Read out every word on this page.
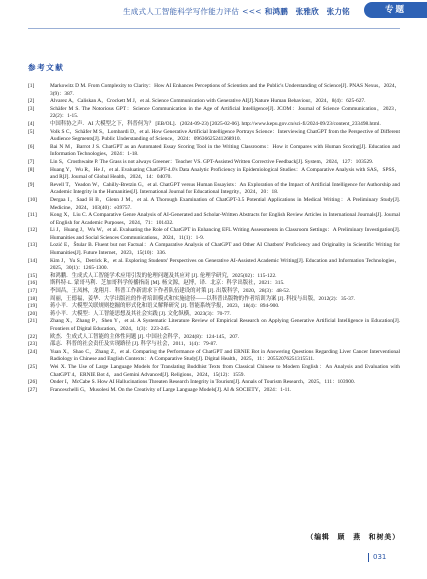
生成式人工智能科学写作能力评估 <<< 和鸿鹏　张雅欣　张力铭	专题
参考文献
[1]	Markowitz D M. From Complexity to Clarity：How AI Enhances Perceptions of Scientists and the Public's Understanding of Science[J]. PNAS Nexus，2024，3(9)：387.
[2]	Alvarez A，Caliskan A，Crockett M J，et al. Science Communication with Generative AI[J].Nature Human Behaviour，2024，8(4)：625-627.
[3]	Schäfer M S. The Notorious GPT：Science Communication in the Age of Artificial Intelligence[J]. JCOM：Journal of Science Communication，2023，22(2)：1-15.
[4]	中国科协之声．AI 大模型之下，科普何为？ [EB/OL]．(2024-09-23) [2025-02-06]. http://www.kepu.gov.cn/sci-fi/2024-09/23/content_233498.html.
[5]	Volk S C，Schäfer M S，Lombardi D，et al. How Generative Artificial Intelligence Portrays Science：Interviewing ChatGPT from the Perspective of Different Audience Segments[J]. Public Understanding of Science，2024：09636625241268910.
[6]	Bai N M，Barrot J S. ChatGPT as an Automated Essay Scoring Tool in the Writing Classrooms：How it Compares with Human Scoring[J]. Education and Information Technologies，2024：1-18.
[7]	Lin S，Crosthwaite P. The Grass is not always Greener：Teacher VS. GPT-Assisted Written Corrective Feedback[J]. System，2024，127：103529.
[8]	Huang Y，Wu R，He J，et al. Evaluating ChatGPT-4.0's Data Analytic Proficiency in Epidemiological Studies：A Comparative Analysis with SAS，SPSS，and R[J]. Journal of Global Health，2024，14：04070.
[9]	Revell T，Yeadon W，Cahilly-Bretzin G，et al. ChatGPT versus Human Essayists：An Exploration of the Impact of Artificial Intelligence for Authorship and Academic Integrity in the Humanities[J]. International Journal for Educational Integrity，2024，20：18.
[10]	Dergaa I，Saad H B，Glenn J M，et al. A Thorough Examination of ChatGPT-3.5 Potential Applications in Medical Writing：A Preliminary Study[J]. Medicine，2024，103(40)：e39757.
[11]	Kong X，Liu C. A Comparative Genre Analysis of AI-Generated and Scholar-Written Abstracts for English Review Articles in International Journals[J]. Journal of English for Academic Purposes，2024，71：101432.
[12]	Li J，Huang J，Wu W，et al. Evaluating the Role of ChatGPT in Enhancing EFL Writing Assessments in Classroom Settings：A Preliminary Investigation[J]. Humanities and Social Sciences Communications，2024，11(1)：1-9.
[13]	Lozić E，Štular B. Fluent but not Factual：A Comparative Analysis of ChatGPT and Other AI Chatbots' Proficiency and Originality in Scientific Writing for Humanities[J]. Future Internet，2023，15(10)：336.
[14]	Kim J，Yu S，Detrick R，et al. Exploring Students' Perspectives on Generative AI-Assisted Academic Writing[J]. Education and Information Technologies，2025，30(1)：1265-1300.
[15]	和鸿鹏．生成式人工智能学术应用引发的伦理问题及其应对 [J]. 伦理学研究，2025(02)：115-122.
[16]	斯科特·L. 蒙哥马利．芝加哥科学传播指南 [M]. 杨文源，赵博，译．北京：科学出版社，2021：315.
[17]	李国昌，王凤林，龙翔月．科普工作新需求下作者队伍建设的对策 [J]. 出版科学，2020，28(3)：48-52.
[18]	周丽，王德福，姜华．大学出版社的作者培训模式和实施途径——以科普出版物的作者培训为案 [J]. 科技与出版，2012(2)：35-37.
[19]	蒋小平．大模型关联规则挖掘的形式化和语义解释研究 [J]. 智能系统学报，2023，18(4)：894-900.
[20]	蒋小平．大模型：人工智能思想及其社会实践 [J]. 文化纵横，2023(3)：70-77.
[21]	Zhang X，Zhang P，Shen Y，et al. A Systematic Literature Review of Empirical Research on Applying Generative Artificial Intelligence in Education[J]. Frontiers of Digital Education，2024，1(3)：223-245.
[22]	欧杰．生成式人工智能的主体性问题 [J]. 中国社会科学，2024(8)：124-145，207.
[23]	邵志．科普的社会责任及实现路径 [J]. 科学与社会，2011，1(4)：79-87.
[24]	Yuan X，Shao C，Zhang Z，et al. Comparing the Performance of ChatGPT and ERNIE Bot in Answering Questions Regarding Liver Cancer Interventional Radiology in Chinese and English Contexts：A Comparative Study[J]. Digital Health，2025，11：20552076251315511.
[25]	Wei X. The Use of Large Language Models for Translating Buddhist Texts from Classical Chinese to Modern English：An Analysis and Evaluation with ChatGPT 4，ERNIE Bot 4，and Gemini Advanced[J]. Religions，2024，15(12)：1559.
[26]	Onder I，McCabe S. How AI Hallucinations Threaten Research Integrity in Tourism[J]. Annals of Tourism Research，2025，111：103900.
[27]	Franceschelli G，Musolesi M. On the Creativity of Large Language Models[J]. AI & SOCIETY，2024：1-11.
（编辑　顾　燕　和树美）
031
